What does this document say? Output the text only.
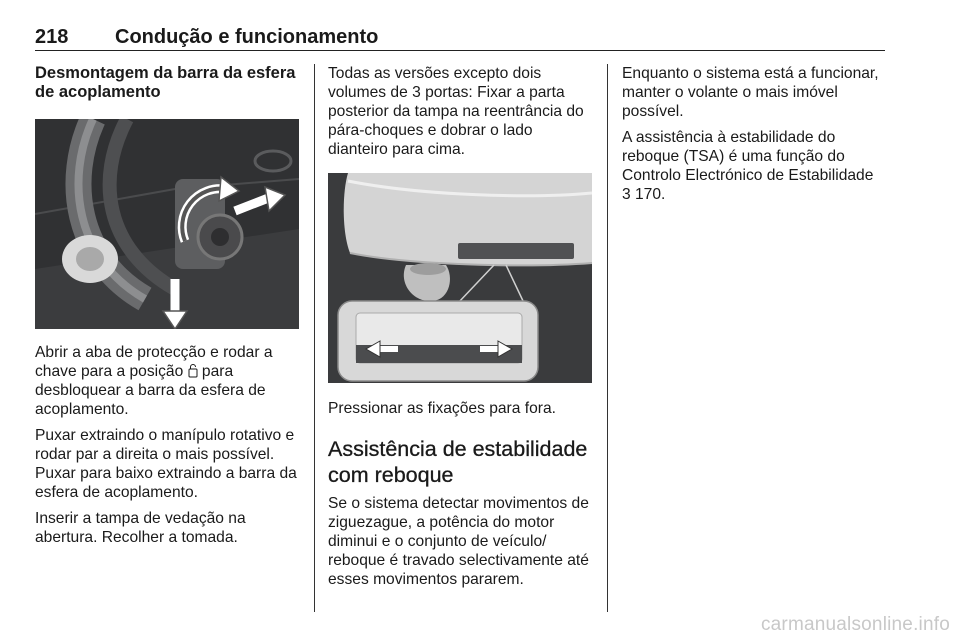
218 Condução e funcionamento
Desmontagem da barra da esfera de acoplamento

Abrir a aba de protecção e rodar a chave para a posição  para desbloquear a barra da esfera de acoplamento.

Puxar extraindo o manípulo rotativo e rodar par a direita o mais possível. Puxar para baixo extraindo a barra da esfera de acoplamento.

Inserir a tampa de vedação na abertura. Recolher a tomada.

Todas as versões excepto dois volumes de 3 portas: Fixar a parta posterior da tampa na reentrância do pára-choques e dobrar o lado dianteiro para cima.

Pressionar as fixações para fora.

Assistência de estabilidade com reboque

Se o sistema detectar movimentos de ziguezague, a potência do motor diminui e o conjunto de veículo/ reboque é travado selectivamente até esses movimentos pararem.

Enquanto o sistema está a funcionar, manter o volante o mais imóvel possível.

A assistência à estabilidade do reboque (TSA) é uma função do Controlo Electrónico de Estabilidade
3 170.

carmanualsonline.info
